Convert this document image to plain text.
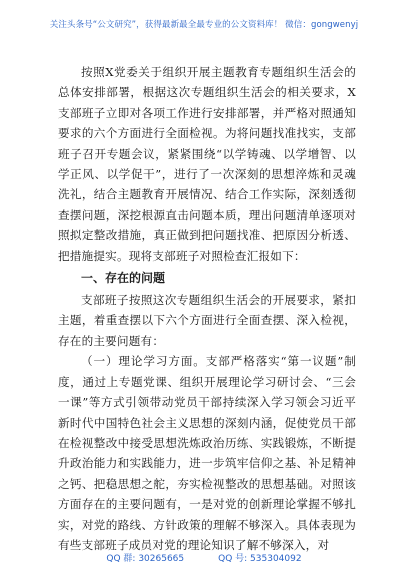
关注头条号“公文研究”，获得最新最全最专业的公文资料库！ 微信：gongwenyj

按照X党委关于组织开展主题教育专题组织生活会的总体安排部署，根据这次专题组织生活会的相关要求，X支部班子立即对各项工作进行安排部署，并严格对照通知要求的六个方面进行全面检视。为将问题找准找实，支部班子召开专题会议，紧紧围绕“以学铸魂、以学增智、以学正风、以学促干”，进行了一次深刻的思想淬炼和灵魂洗礼，结合主题教育开展情况、结合工作实际，深刻透彻查摆问题，深挖根源直击问题本质，理出问题清单逐项对照拟定整改措施，真正做到把问题找准、把原因分析透、把措施提实。现将支部班子对照检查汇报如下：

一、存在的问题

支部班子按照这次专题组织生活会的开展要求，紧扣主题，着重查摆以下六个方面进行全面查摆、深入检视，存在的主要问题有：

（一）理论学习方面。支部严格落实“第一议题”制度，通过上专题党课、组织开展理论学习研讨会、“三会一课”等方式引领带动党员干部持续深入学习领会习近平新时代中国特色社会主义思想的深刻内涵，促使党员干部在检视整改中接受思想洗炼政治历练、实践锻炼，不断提升政治能力和实践能力，进一步筑牢信仰之基、补足精神之钙、把稳思想之舵，夯实检视整改的思想基础。对照该方面存在的主要问题有，一是对党的创新理论掌握不够扎实，对党的路线、方针政策的理解不够深入。具体表现为有些支部班子成员对党的理论知识了解不够深入，对

QQ 群: 30265665	QQ 号: 535304092
